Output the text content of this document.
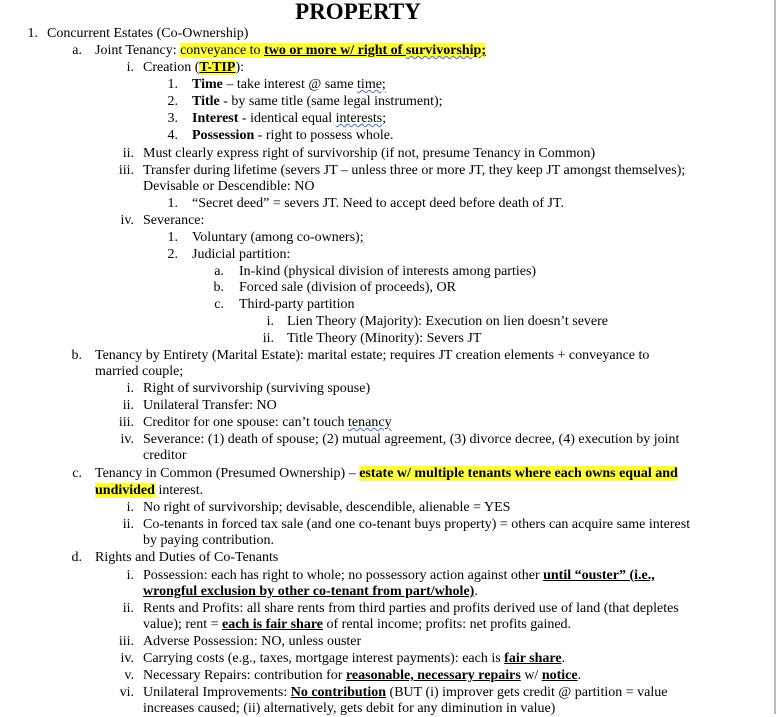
PROPERTY
1. Concurrent Estates (Co-Ownership)
a. Joint Tenancy: conveyance to two or more w/ right of survivorship;
i. Creation (T-TIP):
1. Time – take interest @ same time;
2. Title - by same title (same legal instrument);
3. Interest - identical equal interests;
4. Possession - right to possess whole.
ii. Must clearly express right of survivorship (if not, presume Tenancy in Common)
iii. Transfer during lifetime (severs JT – unless three or more JT, they keep JT amongst themselves);
Devisable or Descendible: NO
1. “Secret deed” = severs JT. Need to accept deed before death of JT.
iv. Severance:
1. Voluntary (among co-owners);
2. Judicial partition:
a. In-kind (physical division of interests among parties)
b. Forced sale (division of proceeds), OR
c. Third-party partition
i. Lien Theory (Majority): Execution on lien doesn’t severe
ii. Title Theory (Minority): Severs JT
b. Tenancy by Entirety (Marital Estate): marital estate; requires JT creation elements + conveyance to
married couple;
i. Right of survivorship (surviving spouse)
ii. Unilateral Transfer: NO
iii. Creditor for one spouse: can’t touch tenancy
iv. Severance: (1) death of spouse; (2) mutual agreement, (3) divorce decree, (4) execution by joint
creditor
c. Tenancy in Common (Presumed Ownership) – estate w/ multiple tenants where each owns equal and
undivided interest.
i. No right of survivorship; devisable, descendible, alienable = YES
ii. Co-tenants in forced tax sale (and one co-tenant buys property) = others can acquire same interest
by paying contribution.
d. Rights and Duties of Co-Tenants
i. Possession: each has right to whole; no possessory action against other until “ouster” (i.e.,
wrongful exclusion by other co-tenant from part/whole).
ii. Rents and Profits: all share rents from third parties and profits derived use of land (that depletes
value); rent = each is fair share of rental income; profits: net profits gained.
iii. Adverse Possession: NO, unless ouster
iv. Carrying costs (e.g., taxes, mortgage interest payments): each is fair share.
v. Necessary Repairs: contribution for reasonable, necessary repairs w/ notice.
vi. Unilateral Improvements: No contribution (BUT (i) improver gets credit @ partition = value
increases caused; (ii) alternatively, gets debit for any diminution in value)
